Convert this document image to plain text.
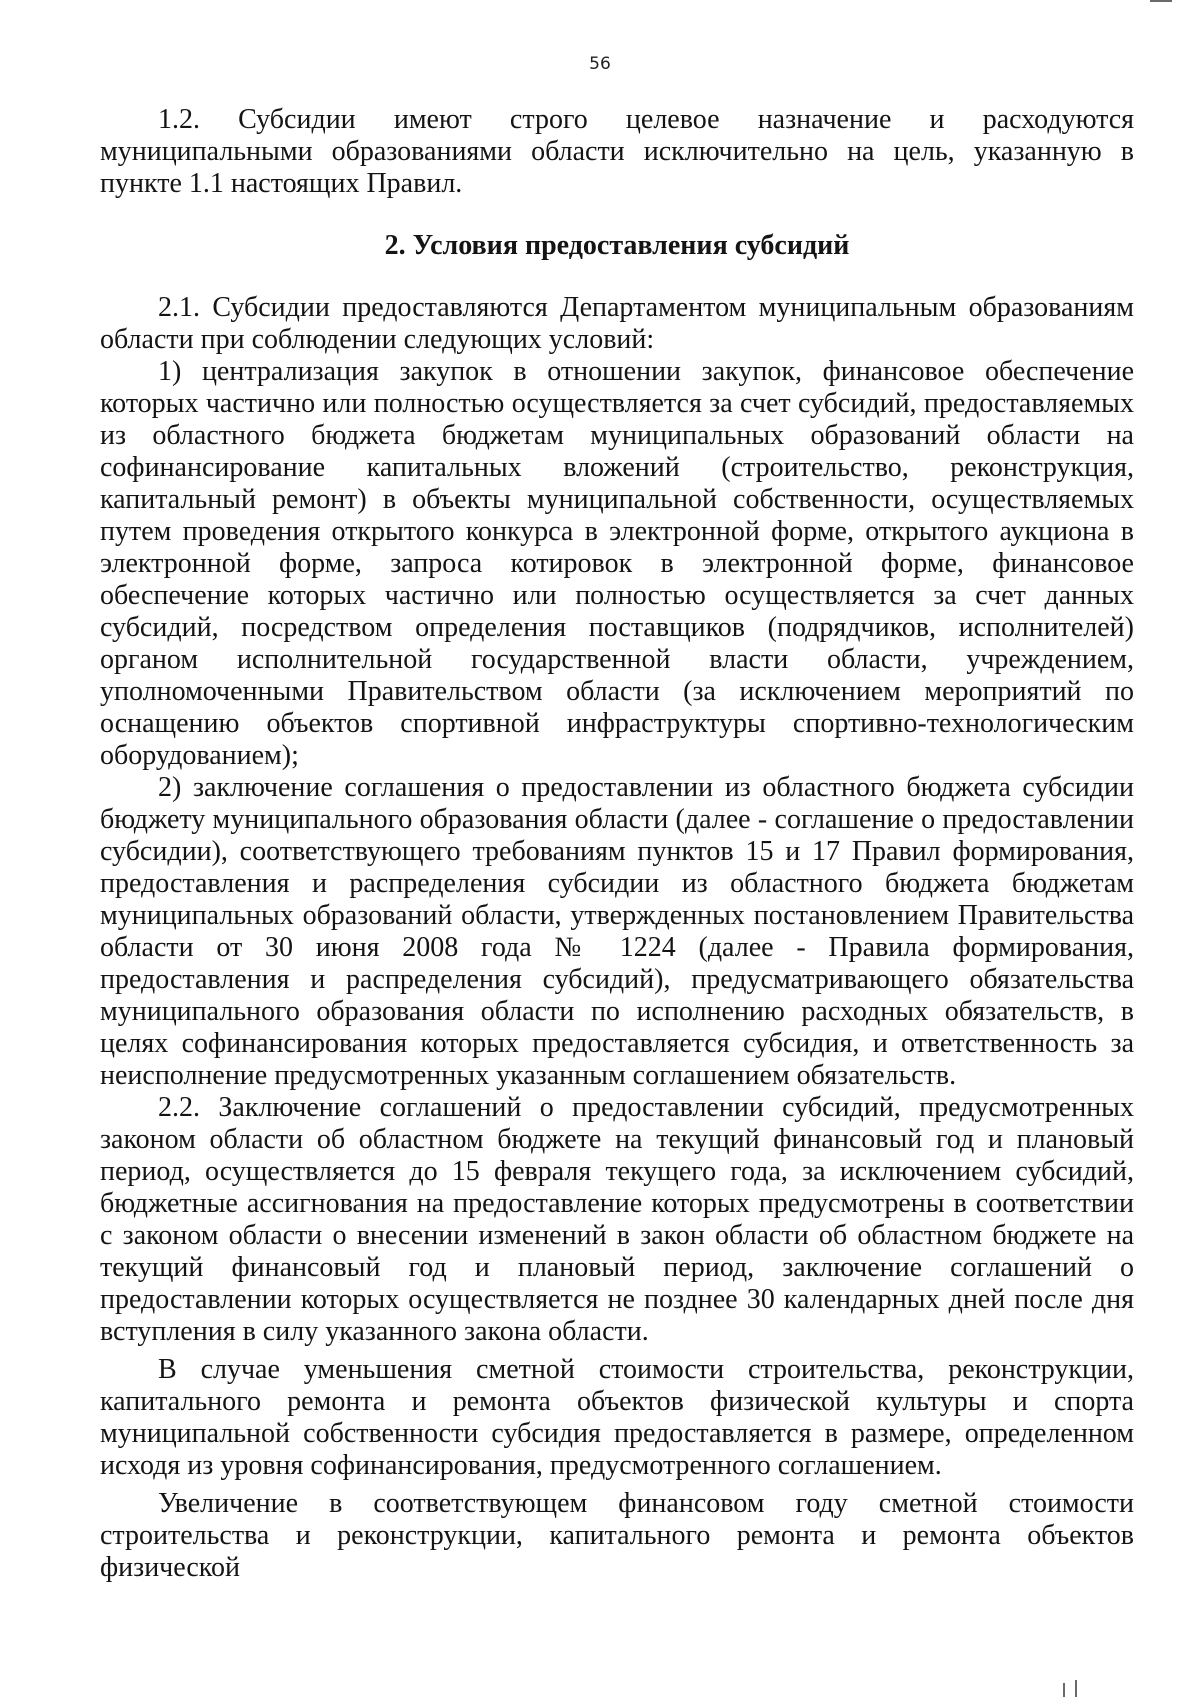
56

1.2. Субсидии имеют строго целевое назначение и расходуются муниципальными образованиями области исключительно на цель, указанную в пункте 1.1 настоящих Правил.

2. Условия предоставления субсидий

2.1. Субсидии предоставляются Департаментом муниципальным образованиям области при соблюдении следующих условий:

1) централизация закупок в отношении закупок, финансовое обеспечение которых частично или полностью осуществляется за счет субсидий, предоставляемых из областного бюджета бюджетам муниципальных образований области на софинансирование капитальных вложений (строительство, реконструкция, капитальный ремонт) в объекты муниципальной собственности, осуществляемых путем проведения открытого конкурса в электронной форме, открытого аукциона в электронной форме, запроса котировок в электронной форме, финансовое обеспечение которых частично или полностью осуществляется за счет данных субсидий, посредством определения поставщиков (подрядчиков, исполнителей) органом исполнительной государственной власти области, учреждением, уполномоченными Правительством области (за исключением мероприятий по оснащению объектов спортивной инфраструктуры спортивно-технологическим оборудованием);

2) заключение соглашения о предоставлении из областного бюджета субсидии бюджету муниципального образования области (далее - соглашение о предоставлении субсидии), соответствующего требованиям пунктов 15 и 17 Правил формирования, предоставления и распределения субсидии из областного бюджета бюджетам муниципальных образований области, утвержденных постановлением Правительства области от 30 июня 2008 года № 1224 (далее - Правила формирования, предоставления и распределения субсидий), предусматривающего обязательства муниципального образования области по исполнению расходных обязательств, в целях софинансирования которых предоставляется субсидия, и ответственность за неисполнение предусмотренных указанным соглашением обязательств.

2.2. Заключение соглашений о предоставлении субсидий, предусмотренных законом области об областном бюджете на текущий финансовый год и плановый период, осуществляется до 15 февраля текущего года, за исключением субсидий, бюджетные ассигнования на предоставление которых предусмотрены в соответствии с законом области о внесении изменений в закон области об областном бюджете на текущий финансовый год и плановый период, заключение соглашений о предоставлении которых осуществляется не позднее 30 календарных дней после дня вступления в силу указанного закона области.

В случае уменьшения сметной стоимости строительства, реконструкции, капитального ремонта и ремонта объектов физической культуры и спорта муниципальной собственности субсидия предоставляется в размере, определенном исходя из уровня софинансирования, предусмотренного соглашением.

Увеличение в соответствующем финансовом году сметной стоимости строительства и реконструкции, капитального ремонта и ремонта объектов физической
